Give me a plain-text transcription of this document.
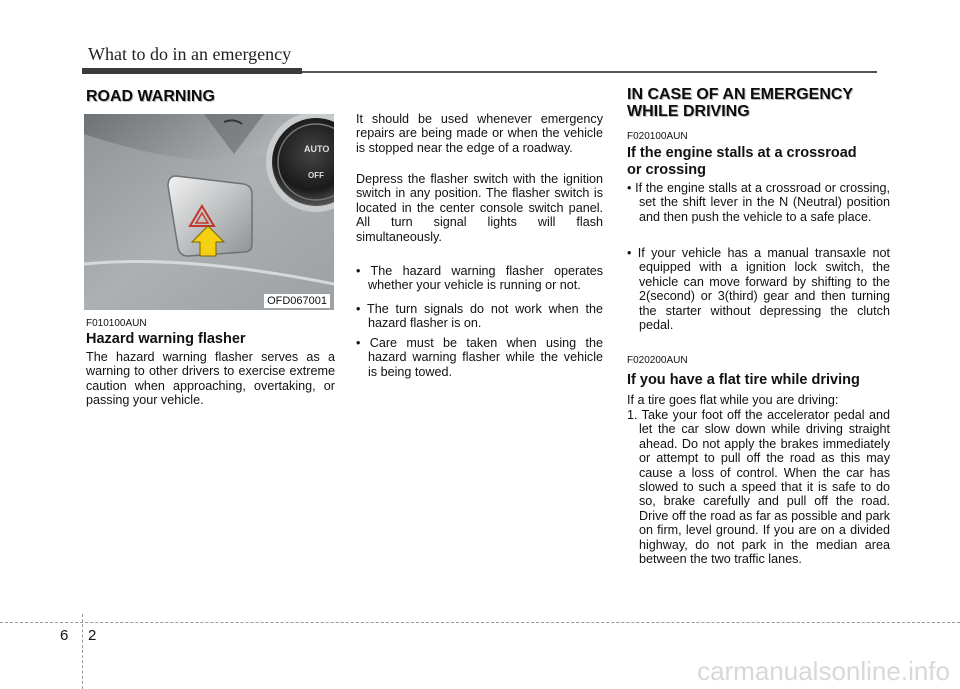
What to do in an emergency
ROAD WARNING
AUTO
OFF
OFD067001
F010100AUN
Hazard warning flasher
The hazard warning flasher serves as a warning to other drivers to exercise extreme caution when approaching, overtaking, or passing your vehicle.
It should be used whenever emergency repairs are being made or when the vehicle is stopped near the edge of a roadway.
Depress the flasher switch with the ignition switch in any position. The flasher switch is located in the center console switch panel. All turn signal lights will flash simultaneously.
• The hazard warning flasher operates whether your vehicle is running or not.
• The turn signals do not work when the hazard flasher is on.
• Care must be taken when using the hazard warning flasher while the vehicle is being towed.
IN CASE OF AN EMERGENCY
WHILE DRIVING
F020100AUN
If the engine stalls at a crossroad
or crossing
• If the engine stalls at a crossroad or crossing, set the shift lever in the N (Neutral) position and then push the vehicle to a safe place.
• If your vehicle has a manual transaxle not equipped with a ignition lock switch, the vehicle can move forward by shifting to the 2(second) or 3(third) gear and then turning the starter without depressing the clutch pedal.
F020200AUN
If you have a flat tire while driving
If a tire goes flat while you are driving:
1. Take your foot off the accelerator pedal and let the car slow down while driving straight ahead. Do not apply the brakes immediately or attempt to pull off the road as this may cause a loss of control. When the car has slowed to such a speed that it is safe to do so, brake carefully and pull off the road. Drive off the road as far as possible and park on firm, level ground. If you are on a divided highway, do not park in the median area between the two traffic lanes.
6 2
carmanualsonline.info
